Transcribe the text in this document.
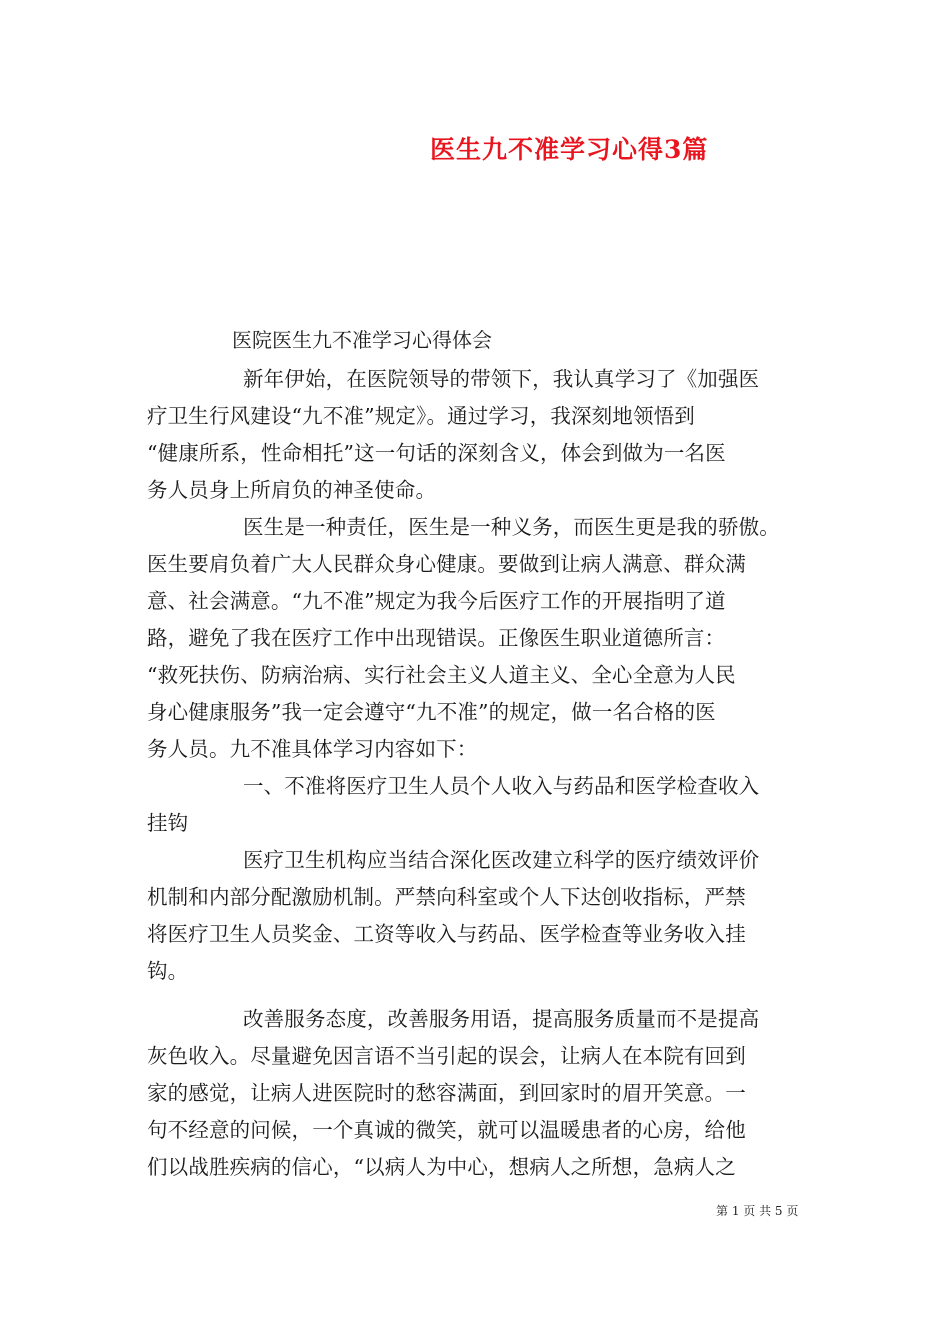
医生九不准学习心得3篇
医院医生九不准学习心得体会
新年伊始，在医院领导的带领下，我认真学习了《加强医
疗卫生行风建设“九不准”规定》。通过学习，我深刻地领悟到
“健康所系，性命相托”这一句话的深刻含义，体会到做为一名医
务人员身上所肩负的神圣使命。
医生是一种责任，医生是一种义务，而医生更是我的骄傲。
医生要肩负着广大人民群众身心健康。要做到让病人满意、群众满
意、社会满意。“九不准”规定为我今后医疗工作的开展指明了道
路，避免了我在医疗工作中出现错误。正像医生职业道德所言：
“救死扶伤、防病治病、实行社会主义人道主义、全心全意为人民
身心健康服务”我一定会遵守“九不准”的规定，做一名合格的医
务人员。九不准具体学习内容如下：
一、不准将医疗卫生人员个人收入与药品和医学检查收入
挂钩
医疗卫生机构应当结合深化医改建立科学的医疗绩效评价
机制和内部分配激励机制。严禁向科室或个人下达创收指标，严禁
将医疗卫生人员奖金、工资等收入与药品、医学检查等业务收入挂
钩。
改善服务态度，改善服务用语，提高服务质量而不是提高
灰色收入。尽量避免因言语不当引起的误会，让病人在本院有回到
家的感觉，让病人进医院时的愁容满面，到回家时的眉开笑意。一
句不经意的问候，一个真诚的微笑，就可以温暖患者的心房，给他
们以战胜疾病的信心，“以病人为中心，想病人之所想，急病人之
第 1 页 共 5 页
